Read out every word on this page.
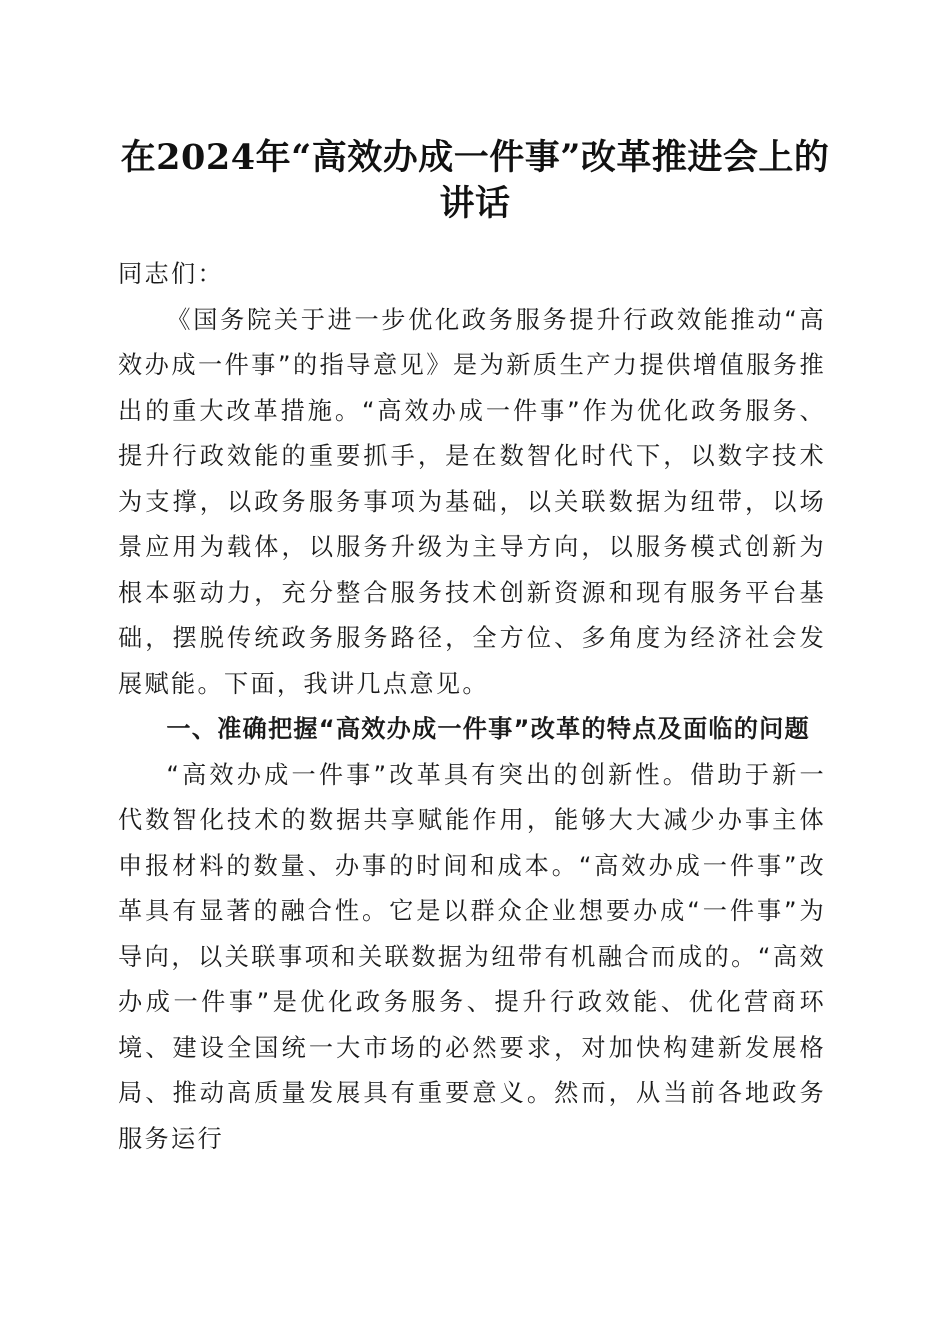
在2024年“高效办成一件事”改革推进会上的讲话

同志们：

《国务院关于进一步优化政务服务提升行政效能推动“高效办成一件事”的指导意见》是为新质生产力提供增值服务推出的重大改革措施。“高效办成一件事”作为优化政务服务、提升行政效能的重要抓手，是在数智化时代下，以数字技术为支撑，以政务服务事项为基础，以关联数据为纽带，以场景应用为载体，以服务升级为主导方向，以服务模式创新为根本驱动力，充分整合服务技术创新资源和现有服务平台基础，摆脱传统政务服务路径，全方位、多角度为经济社会发展赋能。下面，我讲几点意见。

一、准确把握“高效办成一件事”改革的特点及面临的问题

“高效办成一件事”改革具有突出的创新性。借助于新一代数智化技术的数据共享赋能作用，能够大大减少办事主体申报材料的数量、办事的时间和成本。“高效办成一件事”改革具有显著的融合性。它是以群众企业想要办成“一件事”为导向，以关联事项和关联数据为纽带有机融合而成的。“高效办成一件事”是优化政务服务、提升行政效能、优化营商环境、建设全国统一大市场的必然要求，对加快构建新发展格局、推动高质量发展具有重要意义。然而，从当前各地政务服务运行
